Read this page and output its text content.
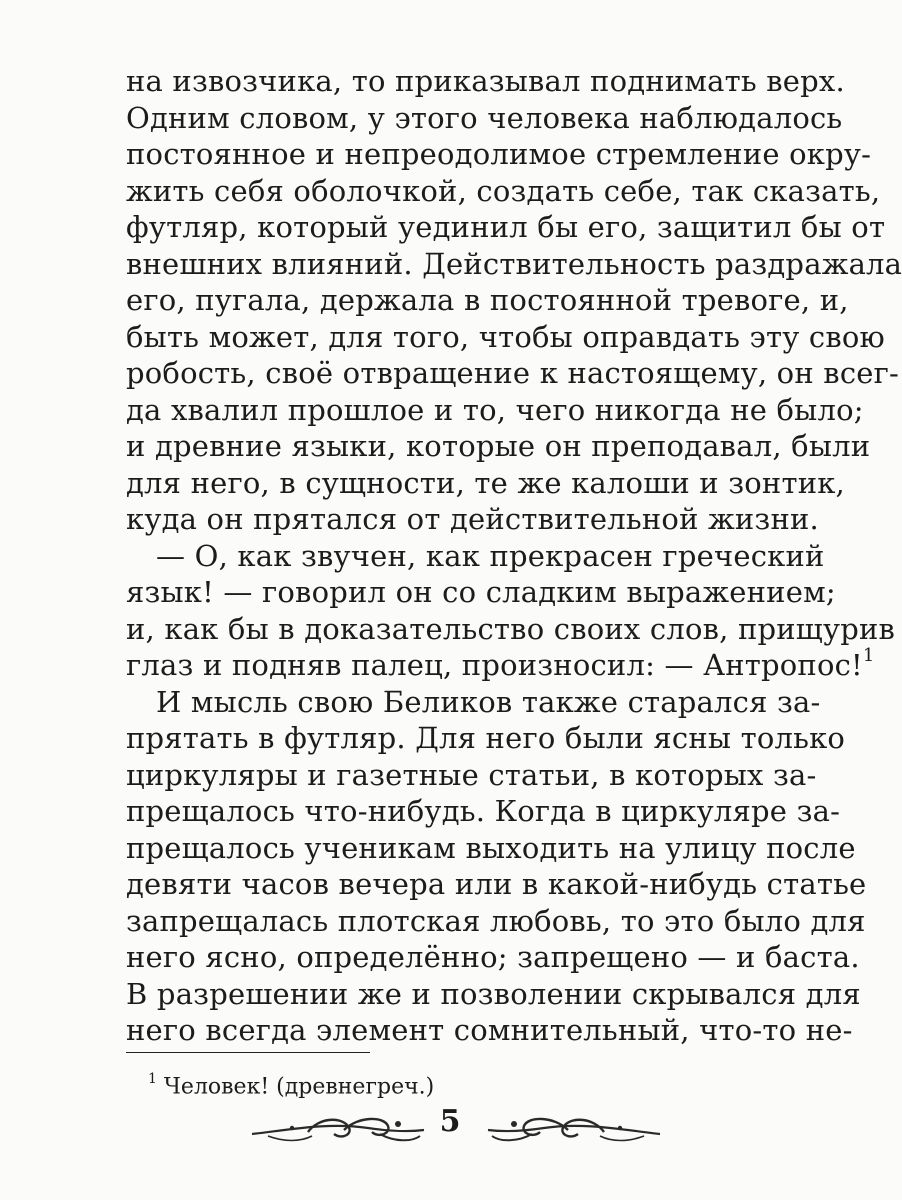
на извозчика, то приказывал поднимать верх.
Одним словом, у этого человека наблюдалось
постоянное и непреодолимое стремление окру-
жить себя оболочкой, создать себе, так сказать,
футляр, который уединил бы его, защитил бы от
внешних влияний. Действительность раздражала
его, пугала, держала в постоянной тревоге, и,
быть может, для того, чтобы оправдать эту свою
робость, своё отвращение к настоящему, он всег-
да хвалил прошлое и то, чего никогда не было;
и древние языки, которые он преподавал, были
для него, в сущности, те же калоши и зонтик,
куда он прятался от действительной жизни.
— О, как звучен, как прекрасен греческий
язык! — говорил он со сладким выражением;
и, как бы в доказательство своих слов, прищурив
глаз и подняв палец, произносил: — Антропос!$^1$
И мысль свою Беликов также старался за-
прятать в футляр. Для него были ясны только
циркуляры и газетные статьи, в которых за-
прещалось что-нибудь. Когда в циркуляре за-
прещалось ученикам выходить на улицу после
девяти часов вечера или в какой-нибудь статье
запрещалась плотская любовь, то это было для
него ясно, определённо; запрещено — и баста.
В разрешении же и позволении скрывался для
него всегда элемент сомнительный, что-то не-
$^1$ Человек! (древнегреч.)
5
